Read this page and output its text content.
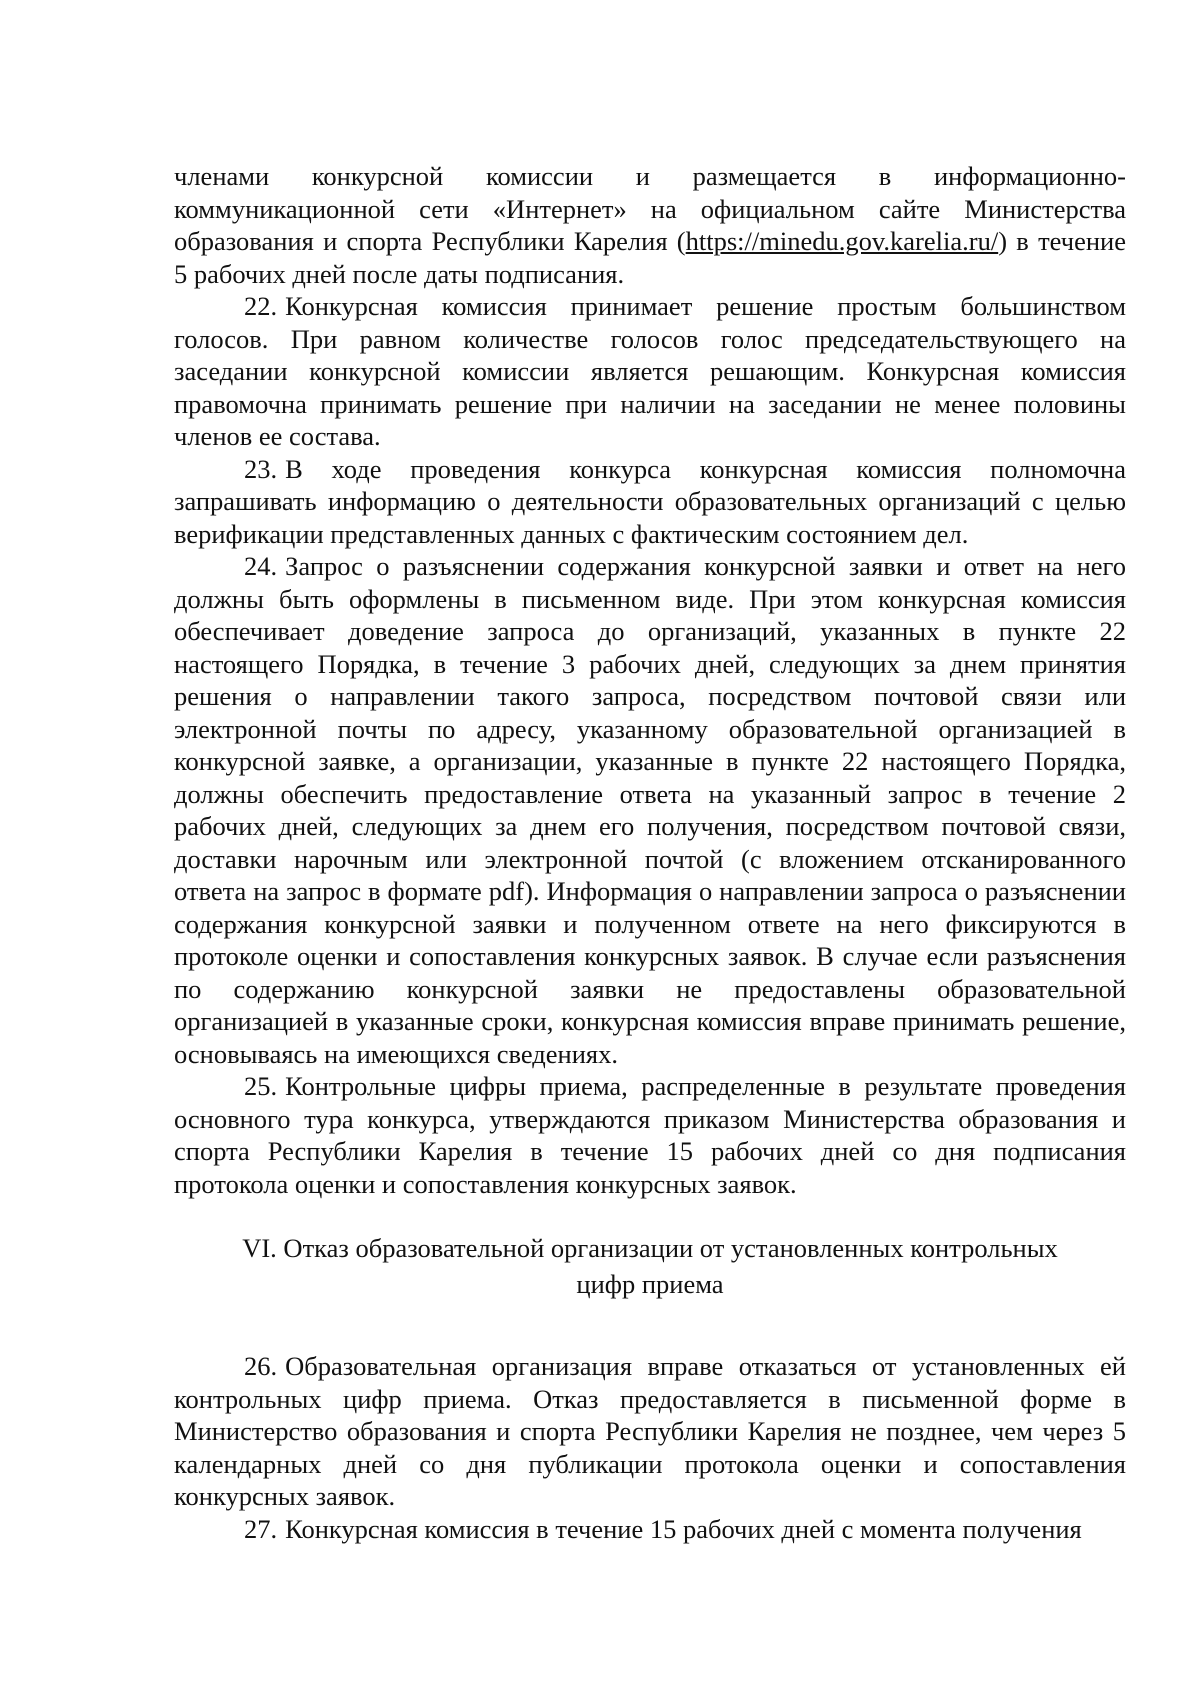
членами конкурсной комиссии и размещается в информационно-коммуникационной сети «Интернет» на официальном сайте Министерства образования и спорта Республики Карелия (https://minedu.gov.karelia.ru/) в течение 5 рабочих дней после даты подписания.

22. Конкурсная комиссия принимает решение простым большинством голосов. При равном количестве голосов голос председательствующего на заседании конкурсной комиссии является решающим. Конкурсная комиссия правомочна принимать решение при наличии на заседании не менее половины членов ее состава.

23. В ходе проведения конкурса конкурсная комиссия полномочна запрашивать информацию о деятельности образовательных организаций с целью верификации представленных данных с фактическим состоянием дел.

24. Запрос о разъяснении содержания конкурсной заявки и ответ на него должны быть оформлены в письменном виде. При этом конкурсная комиссия обеспечивает доведение запроса до организаций, указанных в пункте 22 настоящего Порядка, в течение 3 рабочих дней, следующих за днем принятия решения о направлении такого запроса, посредством почтовой связи или электронной почты по адресу, указанному образовательной организацией в конкурсной заявке, а организации, указанные в пункте 22 настоящего Порядка, должны обеспечить предоставление ответа на указанный запрос в течение 2 рабочих дней, следующих за днем его получения, посредством почтовой связи, доставки нарочным или электронной почтой (с вложением отсканированного ответа на запрос в формате pdf). Информация о направлении запроса о разъяснении содержания конкурсной заявки и полученном ответе на него фиксируются в протоколе оценки и сопоставления конкурсных заявок. В случае если разъяснения по содержанию конкурсной заявки не предоставлены образовательной организацией в указанные сроки, конкурсная комиссия вправе принимать решение, основываясь на имеющихся сведениях.

25. Контрольные цифры приема, распределенные в результате проведения основного тура конкурса, утверждаются приказом Министерства образования и спорта Республики Карелия в течение 15 рабочих дней со дня подписания протокола оценки и сопоставления конкурсных заявок.

VI. Отказ образовательной организации от установленных контрольных
цифр приема

26. Образовательная организация вправе отказаться от установленных ей контрольных цифр приема. Отказ предоставляется в письменной форме в Министерство образования и спорта Республики Карелия не позднее, чем через 5 календарных дней со дня публикации протокола оценки и сопоставления конкурсных заявок.

27. Конкурсная комиссия в течение 15 рабочих дней с момента получения
